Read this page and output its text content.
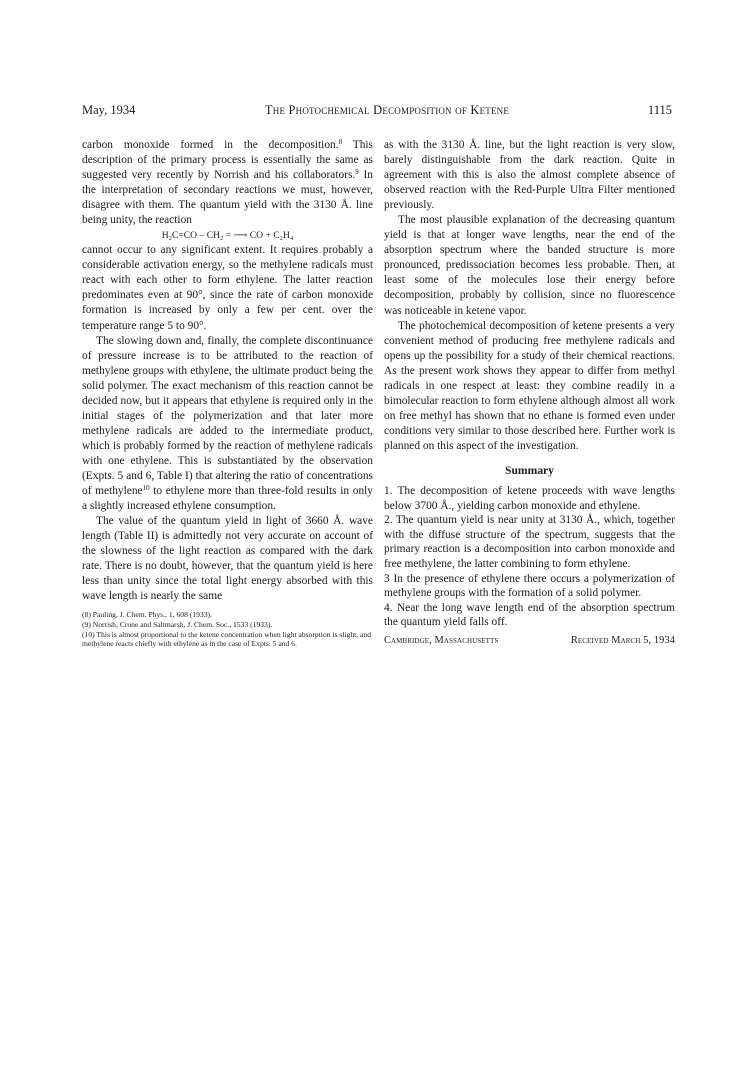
May, 1934	The Photochemical Decomposition of Ketene	1115

carbon monoxide formed in the decomposition.$^8$ This description of the primary process is essentially the same as suggested very recently by Norrish and his collaborators.$^9$ In the interpretation of secondary reactions we must, however, disagree with them. The quantum yield with the 3130 Å. line being unity, the reaction

H₂C=CO – CH₂ = ⟶ CO + C₂H₄

cannot occur to any significant extent. It requires probably a considerable activation energy, so the methylene radicals must react with each other to form ethylene. The latter reaction predominates even at 90°, since the rate of carbon monoxide formation is increased by only a few per cent. over the temperature range 5 to 90°.

The slowing down and, finally, the complete discontinuance of pressure increase is to be attributed to the reaction of methylene groups with ethylene, the ultimate product being the solid polymer. The exact mechanism of this reaction cannot be decided now, but it appears that ethylene is required only in the initial stages of the polymerization and that later more methylene radicals are added to the intermediate product, which is probably formed by the reaction of methylene radicals with one ethylene. This is substantiated by the observation (Expts. 5 and 6, Table I) that altering the ratio of concentrations of methylene$^{10}$ to ethylene more than three-fold results in only a slightly increased ethylene consumption.

The value of the quantum yield in light of 3660 Å. wave length (Table II) is admittedly not very accurate on account of the slowness of the light reaction as compared with the dark rate. There is no doubt, however, that the quantum yield is here less than unity since the total light energy absorbed with this wave length is nearly the same

(8) Pauling, J. Chem. Phys., 1, 608 (1933).
(9) Norrish, Crone and Saltmarsh, J. Chem. Soc., 1533 (1933).
(10) This is almost proportional to the ketene concentration when light absorption is slight, and methylene reacts chiefly with ethylene as in the case of Expts. 5 and 6.

as with the 3130 Å. line, but the light reaction is very slow, barely distinguishable from the dark reaction. Quite in agreement with this is also the almost complete absence of observed reaction with the Red-Purple Ultra Filter mentioned previously.

The most plausible explanation of the decreasing quantum yield is that at longer wave lengths, near the end of the absorption spectrum where the banded structure is more pronounced, predissociation becomes less probable. Then, at least some of the molecules lose their energy before decomposition, probably by collision, since no fluorescence was noticeable in ketene vapor.

The photochemical decomposition of ketene presents a very convenient method of producing free methylene radicals and opens up the possibility for a study of their chemical reactions. As the present work shows they appear to differ from methyl radicals in one respect at least: they combine readily in a bimolecular reaction to form ethylene although almost all work on free methyl has shown that no ethane is formed even under conditions very similar to those described here. Further work is planned on this aspect of the investigation.

Summary

1. The decomposition of ketene proceeds with wave lengths below 3700 Å., yielding carbon monoxide and ethylene.

2. The quantum yield is near unity at 3130 Å., which, together with the diffuse structure of the spectrum, suggests that the primary reaction is a decomposition into carbon monoxide and free methylene, the latter combining to form ethylene.

3 In the presence of ethylene there occurs a polymerization of methylene groups with the formation of a solid polymer.

4. Near the long wave length end of the absorption spectrum the quantum yield falls off.

Cambridge, Massachusetts	Received March 5, 1934
